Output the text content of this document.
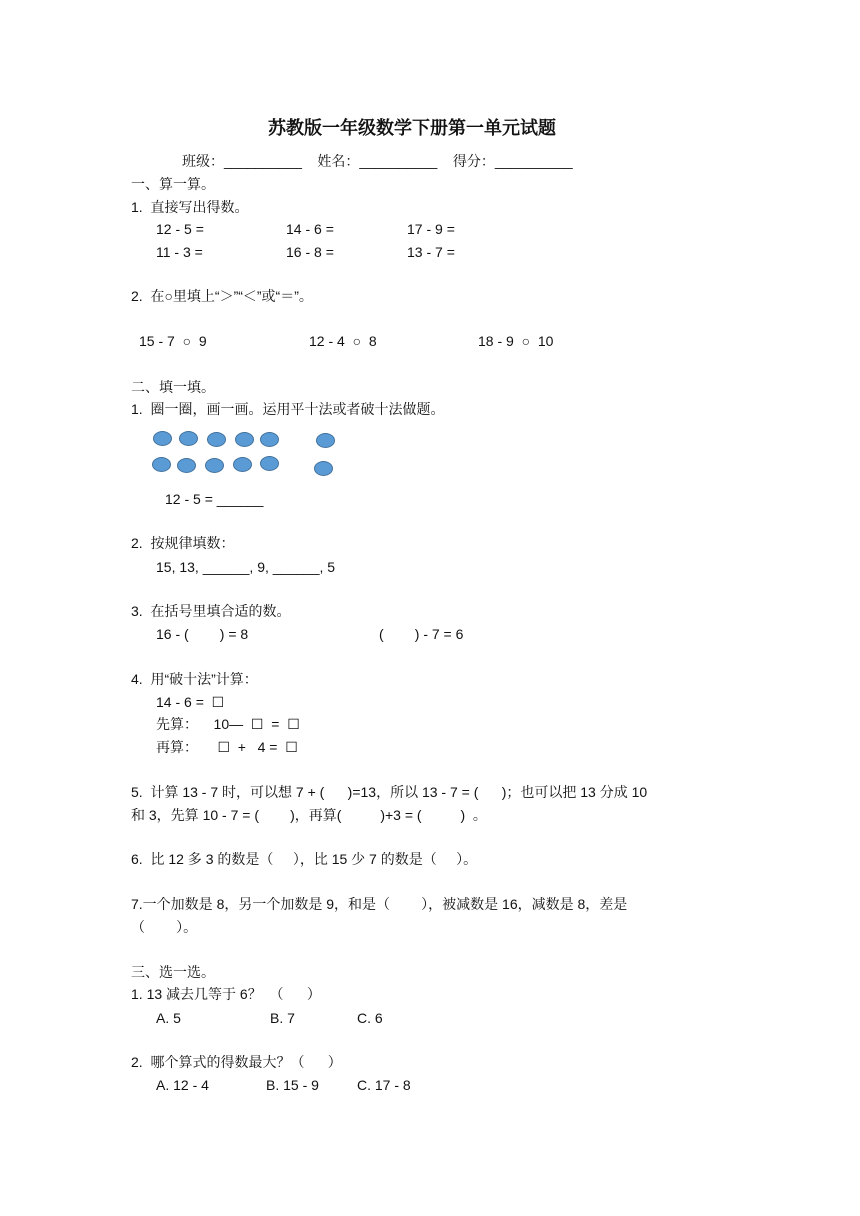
苏教版一年级数学下册第一单元试题
班级：__________    姓名：__________    得分：__________
一、算一算。
1.  直接写出得数。
12 - 5 =	14 - 6 =	17 - 9 =
11 - 3 =	16 - 8 =	13 - 7 =
2.  在○里填上“＞”“＜”或“＝”。
15 - 7  ○  9	12 - 4  ○  8	18 - 9  ○  10
二、填一填。
1.  圈一圈，画一画。运用平十法或者破十法做题。
12 - 5 = ______
2.  按规律填数：
15, 13, ______, 9, ______, 5
3.  在括号里填合适的数。
16 - (        ) = 8	(        ) - 7 = 6
4.  用“破十法”计算：
14 - 6 =  ☐
先算：    10—  ☐  =  ☐
再算：     ☐  +   4 =  ☐
5.  计算 13 - 7 时，可以想 7 + (      )=13，所以 13 - 7 = (      )；也可以把 13 分成 10
和 3，先算 10 - 7 = (        )，再算(          )+3 = (          )  。
6.  比 12 多 3 的数是（     ），比 15 少 7 的数是（     ）。
7.一个加数是 8，另一个加数是 9，和是（        ），被减数是 16，减数是 8，差是
（        ）。
三、选一选。
1. 13 减去几等于 6？  （      ）
A. 5	B. 7	C. 6
2.  哪个算式的得数最大？（      ）
A. 12 - 4	B. 15 - 9	C. 17 - 8
